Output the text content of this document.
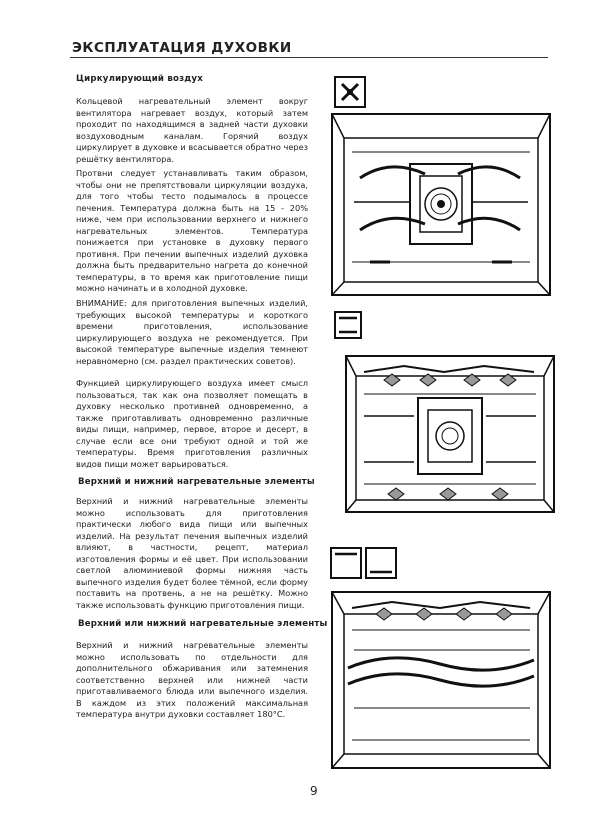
ЭКСПЛУАТАЦИЯ ДУХОВКИ
Циркулирующий воздух
Кольцевой нагревательный элемент вокруг вентилятора нагревает воздух, который затем проходит по находящимся в задней части духовки воздуховодным каналам. Горячий воздух циркулирует в духовке и всасывается обратно через решётку вентилятора.
Протвни следует устанавливать таким образом, чтобы они не препятствовали циркуляции воздуха, для того чтобы тесто подымалось в процессе печения. Температура должна быть на 15 - 20% ниже, чем при использовании верхнего и нижнего нагревательных элементов. Температура понижается при установке в духовку первого противня. При печении выпечных изделий духовка должна быть предварительно нагрета до конечной температуры, в то время как приготовление пищи можно начинать и в холодной духовке.
ВНИМАНИЕ: для приготовления выпечных изделий, требующих высокой температуры и короткого времени приготовления, использование циркулирующего воздуха не рекомендуется. При высокой температуре выпечные изделия темнеют неравномерно (см. раздел практических советов).
Функцией циркулирующего воздуха имеет смысл пользоваться, так как она позволяет помещать в духовку несколько противней одновременно, а также приготавливать одновременно различные виды пищи, например, первое, второе и десерт, в случае если все они требуют одной и той же температуры. Время приготовления различных видов пищи может варьироваться.
Верхний и нижний нагревательные элементы
Верхний и нижний нагревательные элементы можно использовать для приготовления практически любого вида пищи или выпечных изделий. На результат печения выпечных изделий влияют, в частности, рецепт, материал изготовления формы и её цвет. При использовании светлой алюминиевой формы нижняя часть выпечного изделия будет более тёмной, если форму поставить на протвень, а не на решётку. Можно также использовать функцию приготовления пищи.
Верхний или нижний нагревательные элементы
Верхний и нижний нагревательные элементы можно использовать по отдельности для дополнительного обжаривания или затемнения соответственно верхней или нижней части приготавливаемого блюда или выпечного изделия. В каждом из этих положений максимальная температура внутри духовки составляет 180°C.
9
